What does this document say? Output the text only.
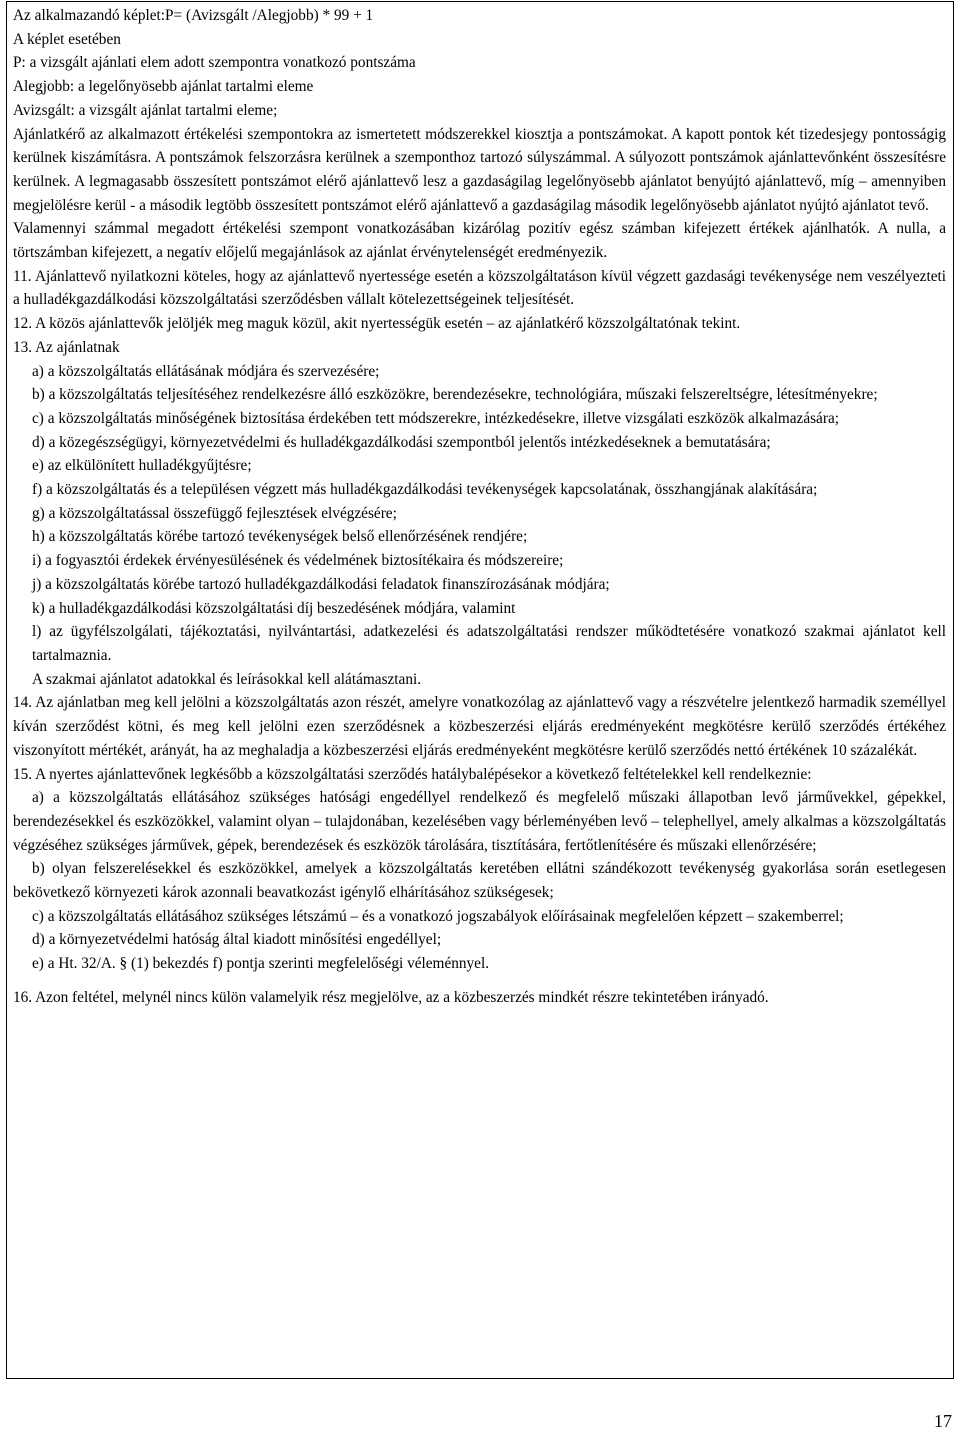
Az alkalmazandó képlet:P= (Avizsgált /Alegjobb) * 99 + 1

A képlet esetében

P: a vizsgált ajánlati elem adott szempontra vonatkozó pontszáma

Alegjobb: a legelőnyösebb ajánlat tartalmi eleme

Avizsgált: a vizsgált ajánlat tartalmi eleme;

Ajánlatkérő az alkalmazott értékelési szempontokra az ismertetett módszerekkel kiosztja a pontszámokat. A kapott pontok két tizedesjegy pontosságig kerülnek kiszámításra. A pontszámok felszorzásra kerülnek a szemponthoz tartozó súlyszámmal. A súlyozott pontszámok ajánlattevőnként összesítésre kerülnek. A legmagasabb összesített pontszámot elérő ajánlattevő lesz a gazdaságilag legelőnyösebb ajánlatot benyújtó ajánlattevő, míg – amennyiben megjelölésre kerül - a második legtöbb összesített pontszámot elérő ajánlattevő a gazdaságilag második legelőnyösebb ajánlatot nyújtó ajánlatot tevő.

Valamennyi számmal megadott értékelési szempont vonatkozásában kizárólag pozitív egész számban kifejezett értékek ajánlhatók. A nulla, a törtszámban kifejezett, a negatív előjelű megajánlások az ajánlat érvénytelenségét eredményezik.

11. Ajánlattevő nyilatkozni köteles, hogy az ajánlattevő nyertessége esetén a közszolgáltatáson kívül végzett gazdasági tevékenysége nem veszélyezteti a hulladékgazdálkodási közszolgáltatási szerződésben vállalt kötelezettségeinek teljesítését.

12. A közös ajánlattevők jelöljék meg maguk közül, akit nyertességük esetén – az ajánlatkérő közszolgáltatónak tekint.

13. Az ajánlatnak

a) a közszolgáltatás ellátásának módjára és szervezésére;

b) a közszolgáltatás teljesítéséhez rendelkezésre álló eszközökre, berendezésekre, technológiára, műszaki felszereltségre, létesítményekre;

c) a közszolgáltatás minőségének biztosítása érdekében tett módszerekre, intézkedésekre, illetve vizsgálati eszközök alkalmazására;

d) a közegészségügyi, környezetvédelmi és hulladékgazdálkodási szempontból jelentős intézkedéseknek a bemutatására;

e) az elkülönített hulladékgyűjtésre;

f) a közszolgáltatás és a településen végzett más hulladékgazdálkodási tevékenységek kapcsolatának, összhangjának alakítására;

g) a közszolgáltatással összefüggő fejlesztések elvégzésére;

h) a közszolgáltatás körébe tartozó tevékenységek belső ellenőrzésének rendjére;

i) a fogyasztói érdekek érvényesülésének és védelmének biztosítékaira és módszereire;

j) a közszolgáltatás körébe tartozó hulladékgazdálkodási feladatok finanszírozásának módjára;

k) a hulladékgazdálkodási közszolgáltatási díj beszedésének módjára, valamint

l) az ügyfélszolgálati, tájékoztatási, nyilvántartási, adatkezelési és adatszolgáltatási rendszer működtetésére vonatkozó szakmai ajánlatot kell tartalmaznia.

A szakmai ajánlatot adatokkal és leírásokkal kell alátámasztani.

14. Az ajánlatban meg kell jelölni a közszolgáltatás azon részét, amelyre vonatkozólag az ajánlattevő vagy a részvételre jelentkező harmadik személlyel kíván szerződést kötni, és meg kell jelölni ezen szerződésnek a közbeszerzési eljárás eredményeként megkötésre kerülő szerződés értékéhez viszonyított mértékét, arányát, ha az meghaladja a közbeszerzési eljárás eredményeként megkötésre kerülő szerződés nettó értékének 10 százalékát.

15. A nyertes ajánlattevőnek legkésőbb a közszolgáltatási szerződés hatálybalépésekor a következő feltételekkel kell rendelkeznie:

a) a közszolgáltatás ellátásához szükséges hatósági engedéllyel rendelkező és megfelelő műszaki állapotban levő járművekkel, gépekkel, berendezésekkel és eszközökkel, valamint olyan – tulajdonában, kezelésében vagy bérleményében levő – telephellyel, amely alkalmas a közszolgáltatás végzéséhez szükséges járművek, gépek, berendezések és eszközök tárolására, tisztítására, fertőtlenítésére és műszaki ellenőrzésére;

b) olyan felszerelésekkel és eszközökkel, amelyek a közszolgáltatás keretében ellátni szándékozott tevékenység gyakorlása során esetlegesen bekövetkező környezeti károk azonnali beavatkozást igénylő elhárításához szükségesek;

c) a közszolgáltatás ellátásához szükséges létszámú – és a vonatkozó jogszabályok előírásainak megfelelően képzett – szakemberrel;

d) a környezetvédelmi hatóság által kiadott minősítési engedéllyel;

e) a Ht. 32/A. § (1) bekezdés f) pontja szerinti megfelelőségi véleménnyel.

16. Azon feltétel, melynél nincs külön valamelyik rész megjelölve, az a közbeszerzés mindkét részre tekintetében irányadó.

17
